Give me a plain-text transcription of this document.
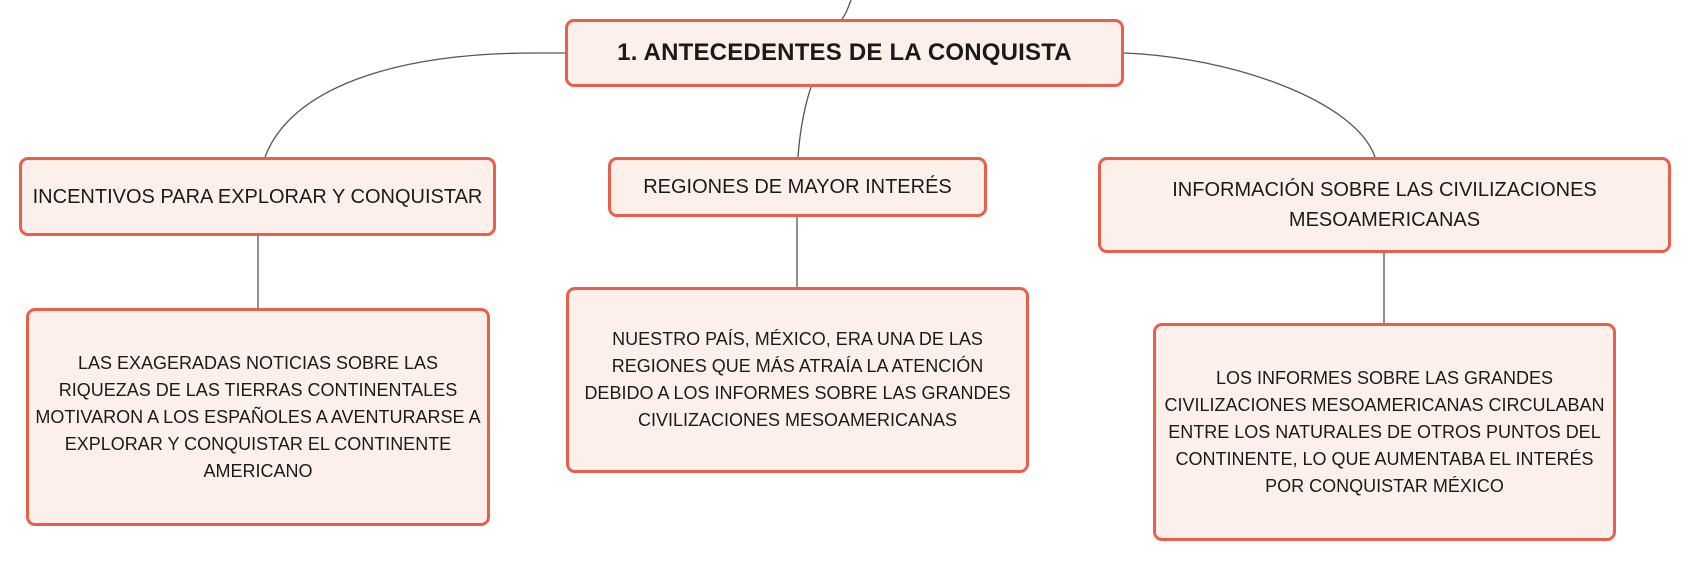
1. ANTECEDENTES DE LA CONQUISTA
INCENTIVOS PARA EXPLORAR Y CONQUISTAR
LAS EXAGERADAS NOTICIAS SOBRE LAS RIQUEZAS DE LAS TIERRAS CONTINENTALES MOTIVARON A LOS ESPAÑOLES A AVENTURARSE A EXPLORAR Y CONQUISTAR EL CONTINENTE AMERICANO
REGIONES DE MAYOR INTERÉS
NUESTRO PAÍS, MÉXICO, ERA UNA DE LAS REGIONES QUE MÁS ATRAÍA LA ATENCIÓN DEBIDO A LOS INFORMES SOBRE LAS GRANDES CIVILIZACIONES MESOAMERICANAS
INFORMACIÓN SOBRE LAS CIVILIZACIONES MESOAMERICANAS
LOS INFORMES SOBRE LAS GRANDES CIVILIZACIONES MESOAMERICANAS CIRCULABAN ENTRE LOS NATURALES DE OTROS PUNTOS DEL CONTINENTE, LO QUE AUMENTABA EL INTERÉS POR CONQUISTAR MÉXICO
